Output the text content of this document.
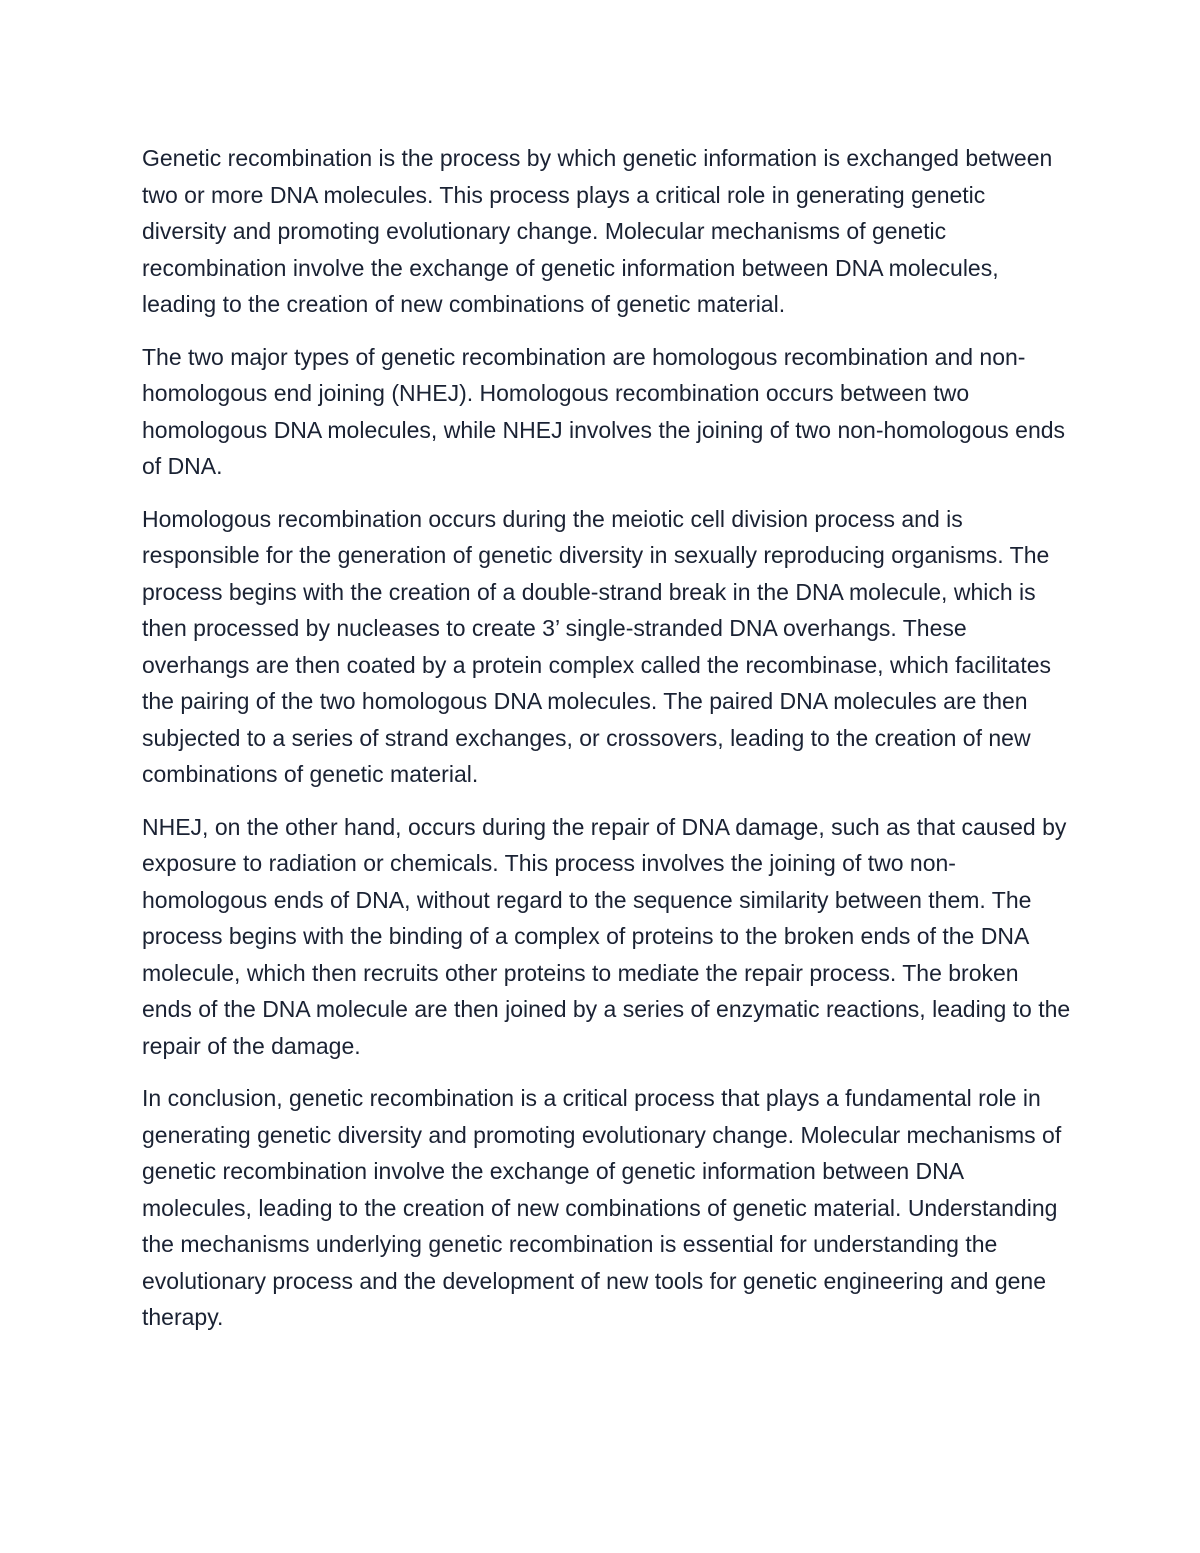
Genetic recombination is the process by which genetic information is exchanged between two or more DNA molecules. This process plays a critical role in generating genetic diversity and promoting evolutionary change. Molecular mechanisms of genetic recombination involve the exchange of genetic information between DNA molecules, leading to the creation of new combinations of genetic material.

The two major types of genetic recombination are homologous recombination and non-homologous end joining (NHEJ). Homologous recombination occurs between two homologous DNA molecules, while NHEJ involves the joining of two non-homologous ends of DNA.

Homologous recombination occurs during the meiotic cell division process and is responsible for the generation of genetic diversity in sexually reproducing organisms. The process begins with the creation of a double-strand break in the DNA molecule, which is then processed by nucleases to create 3’ single-stranded DNA overhangs. These overhangs are then coated by a protein complex called the recombinase, which facilitates the pairing of the two homologous DNA molecules. The paired DNA molecules are then subjected to a series of strand exchanges, or crossovers, leading to the creation of new combinations of genetic material.

NHEJ, on the other hand, occurs during the repair of DNA damage, such as that caused by exposure to radiation or chemicals. This process involves the joining of two non-homologous ends of DNA, without regard to the sequence similarity between them. The process begins with the binding of a complex of proteins to the broken ends of the DNA molecule, which then recruits other proteins to mediate the repair process. The broken ends of the DNA molecule are then joined by a series of enzymatic reactions, leading to the repair of the damage.

In conclusion, genetic recombination is a critical process that plays a fundamental role in generating genetic diversity and promoting evolutionary change. Molecular mechanisms of genetic recombination involve the exchange of genetic information between DNA molecules, leading to the creation of new combinations of genetic material. Understanding the mechanisms underlying genetic recombination is essential for understanding the evolutionary process and the development of new tools for genetic engineering and gene therapy.
